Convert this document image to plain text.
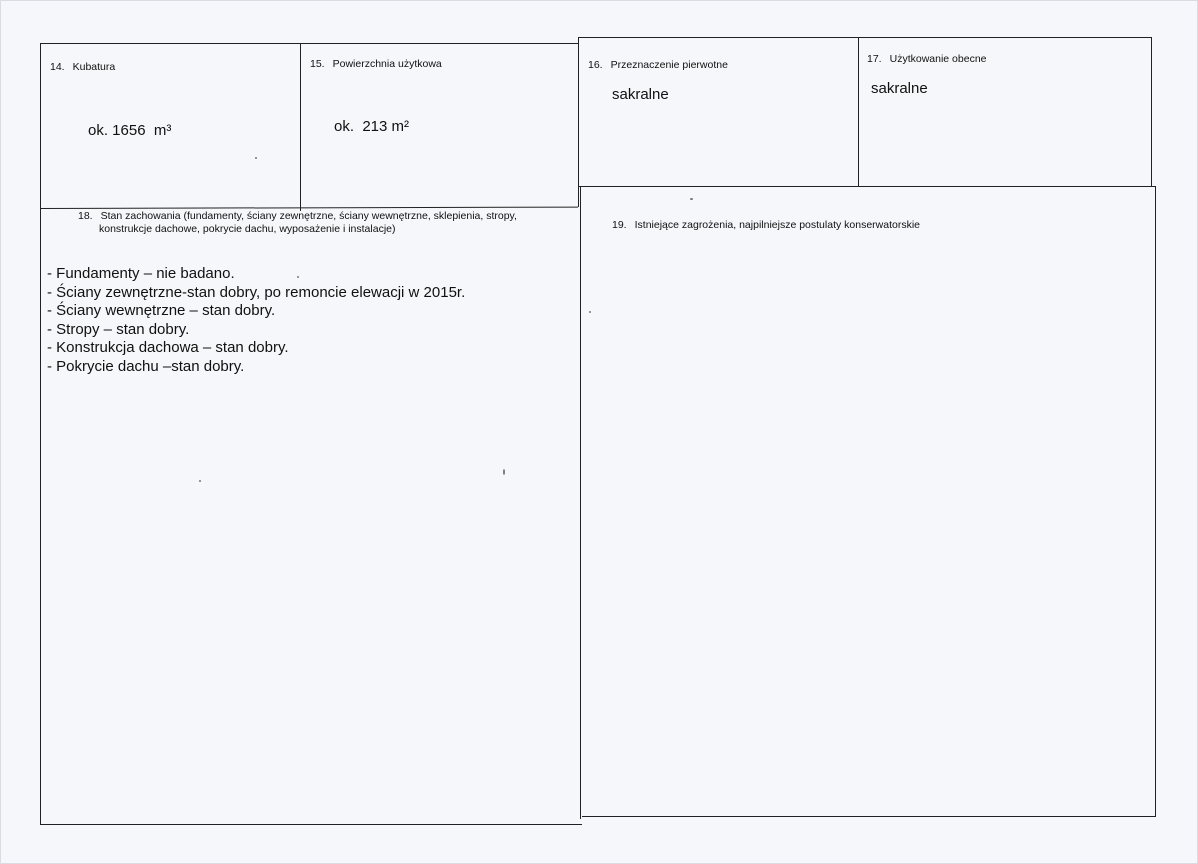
14. Kubatura
ok. 1656 m³
15. Powierzchnia użytkowa
ok.  213 m²
16. Przeznaczenie pierwotne
sakralne
17. Użytkowanie obecne
sakralne
18. Stan zachowania (fundamenty, ściany zewnętrzne, ściany wewnętrzne, sklepienia, stropy,
konstrukcje dachowe, pokrycie dachu, wyposażenie i instalacje)
- Fundamenty – nie badano.
- Ściany zewnętrzne-stan dobry, po remoncie elewacji w 2015r.
- Ściany wewnętrzne – stan dobry.
- Stropy – stan dobry.
- Konstrukcja dachowa – stan dobry.
- Pokrycie dachu –stan dobry.
19. Istniejące zagrożenia, najpilniejsze postulaty konserwatorskie
